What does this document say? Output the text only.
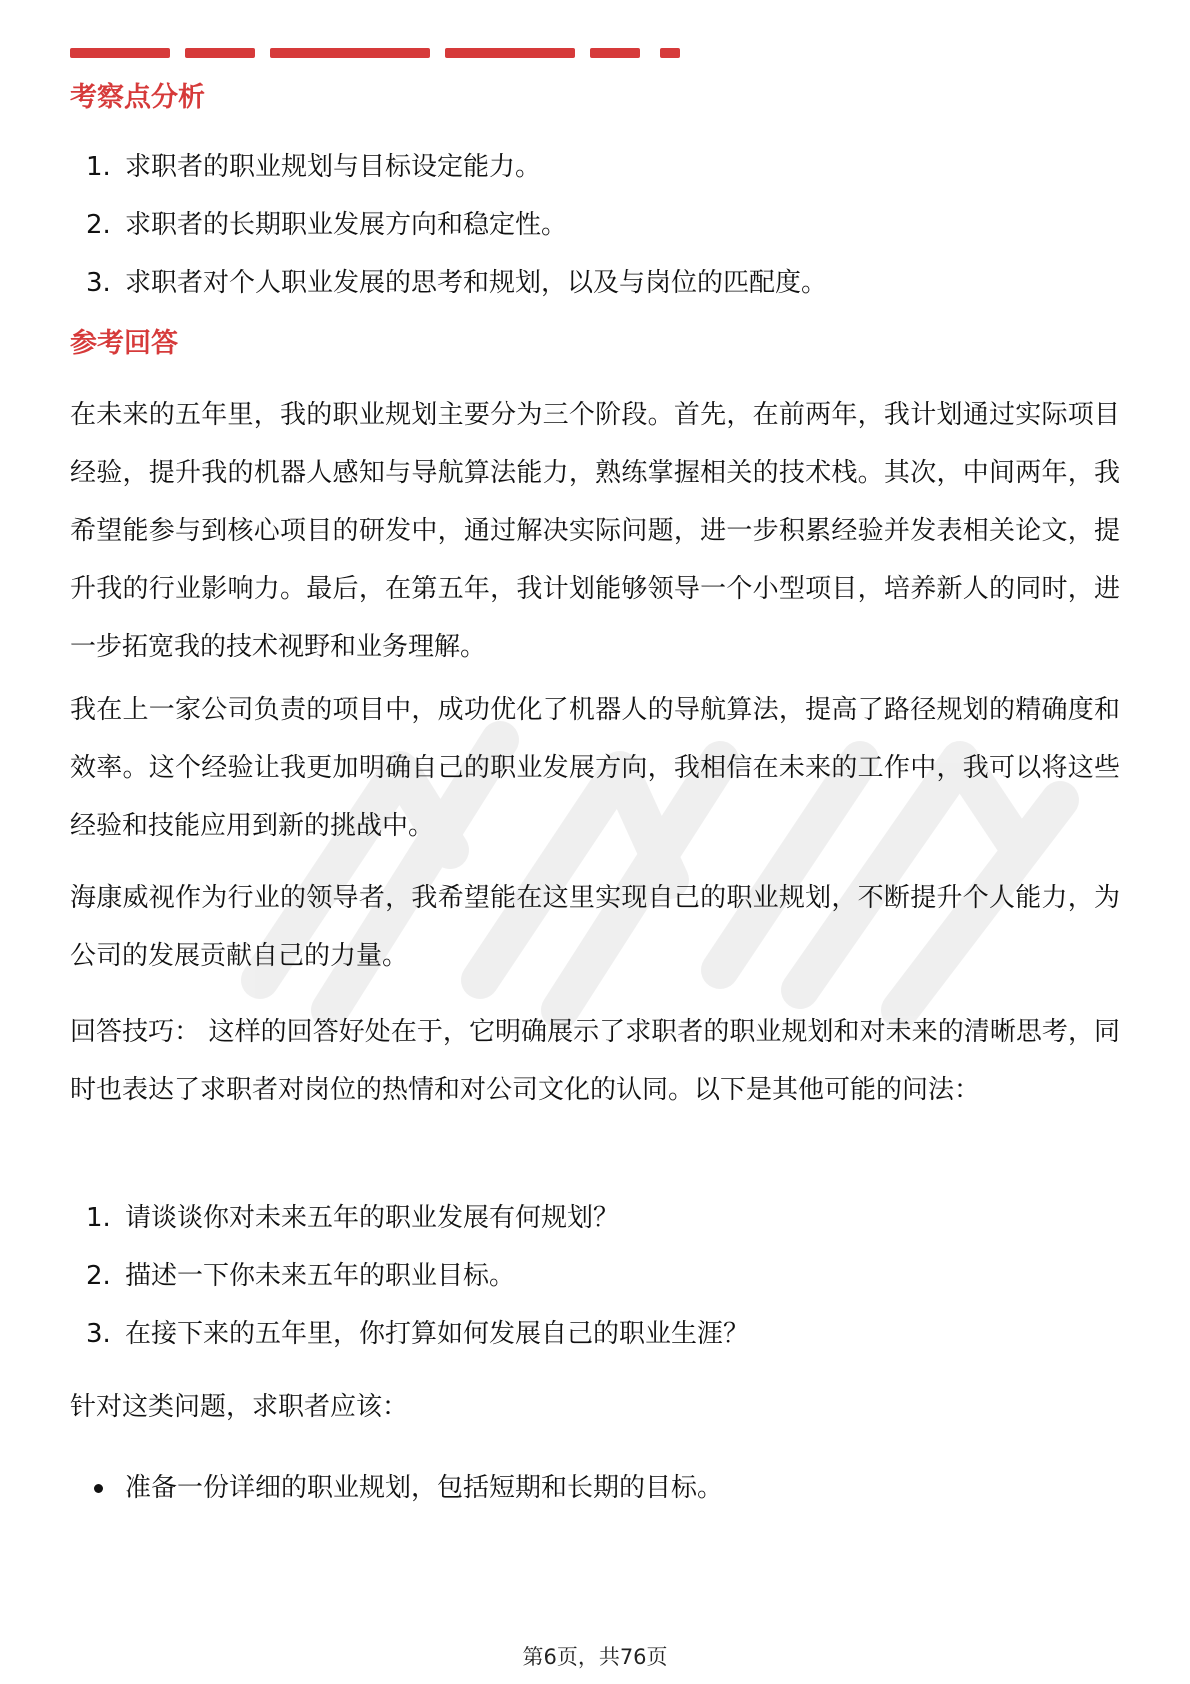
考察点分析
1. 求职者的职业规划与目标设定能力。
2. 求职者的长期职业发展方向和稳定性。
3. 求职者对个人职业发展的思考和规划，以及与岗位的匹配度。
参考回答

在未来的五年里，我的职业规划主要分为三个阶段。首先，在前两年，我计划通过实际项目经验，提升我的机器人感知与导航算法能力，熟练掌握相关的技术栈。其次，中间两年，我希望能参与到核心项目的研发中，通过解决实际问题，进一步积累经验并发表相关论文，提升我的行业影响力。最后，在第五年，我计划能够领导一个小型项目，培养新人的同时，进一步拓宽我的技术视野和业务理解。

我在上一家公司负责的项目中，成功优化了机器人的导航算法，提高了路径规划的精确度和效率。这个经验让我更加明确自己的职业发展方向，我相信在未来的工作中，我可以将这些经验和技能应用到新的挑战中。

海康威视作为行业的领导者，我希望能在这里实现自己的职业规划，不断提升个人能力，为公司的发展贡献自己的力量。

回答技巧： 这样的回答好处在于，它明确展示了求职者的职业规划和对未来的清晰思考，同时也表达了求职者对岗位的热情和对公司文化的认同。以下是其他可能的问法：

1. 请谈谈你对未来五年的职业发展有何规划？
2. 描述一下你未来五年的职业目标。
3. 在接下来的五年里，你打算如何发展自己的职业生涯？

针对这类问题，求职者应该：

准备一份详细的职业规划，包括短期和长期的目标。
第6页，共76页
